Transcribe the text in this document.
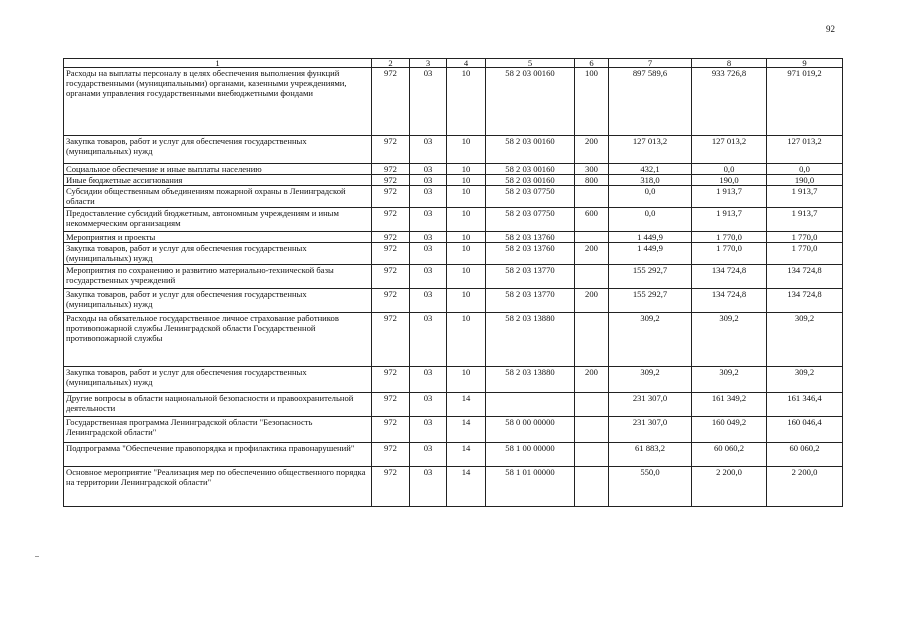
92
1	2	3	4	5	6	7	8	9
Расходы на выплаты персоналу в целях обеспечения выполнения функций государственными (муниципальными) органами, казенными учреждениями, органами управления государственными внебюджетными фондами	972	03	10	58 2 03 00160	100	897 589,6	933 726,8	971 019,2
Закупка товаров, работ и услуг для обеспечения государственных (муниципальных) нужд	972	03	10	58 2 03 00160	200	127 013,2	127 013,2	127 013,2
Социальное обеспечение и иные выплаты населению	972	03	10	58 2 03 00160	300	432,1	0,0	0,0
Иные бюджетные ассигнования	972	03	10	58 2 03 00160	800	318,0	190,0	190,0
Субсидии общественным объединениям пожарной охраны в Ленинградской области	972	03	10	58 2 03 07750		0,0	1 913,7	1 913,7
Предоставление субсидий бюджетным, автономным учреждениям и иным некоммерческим организациям	972	03	10	58 2 03 07750	600	0,0	1 913,7	1 913,7
Мероприятия и проекты	972	03	10	58 2 03 13760		1 449,9	1 770,0	1 770,0
Закупка товаров, работ и услуг для обеспечения государственных (муниципальных) нужд	972	03	10	58 2 03 13760	200	1 449,9	1 770,0	1 770,0
Мероприятия по сохранению и развитию материально-технической базы государственных учреждений	972	03	10	58 2 03 13770		155 292,7	134 724,8	134 724,8
Закупка товаров, работ и услуг для обеспечения государственных (муниципальных) нужд	972	03	10	58 2 03 13770	200	155 292,7	134 724,8	134 724,8
Расходы на обязательное государственное личное страхование работников противопожарной службы Ленинградской области Государственной противопожарной службы	972	03	10	58 2 03 13880		309,2	309,2	309,2
Закупка товаров, работ и услуг для обеспечения государственных (муниципальных) нужд	972	03	10	58 2 03 13880	200	309,2	309,2	309,2
Другие вопросы в области национальной безопасности и правоохранительной деятельности	972	03	14			231 307,0	161 349,2	161 346,4
Государственная программа Ленинградской области "Безопасность Ленинградской области"	972	03	14	58 0 00 00000		231 307,0	160 049,2	160 046,4
Подпрограмма "Обеспечение правопорядка и профилактика правонарушений"	972	03	14	58 1 00 00000		61 883,2	60 060,2	60 060,2
Основное мероприятие "Реализация мер по обеспечению общественного порядка на территории Ленинградской области"	972	03	14	58 1 01 00000		550,0	2 200,0	2 200,0
